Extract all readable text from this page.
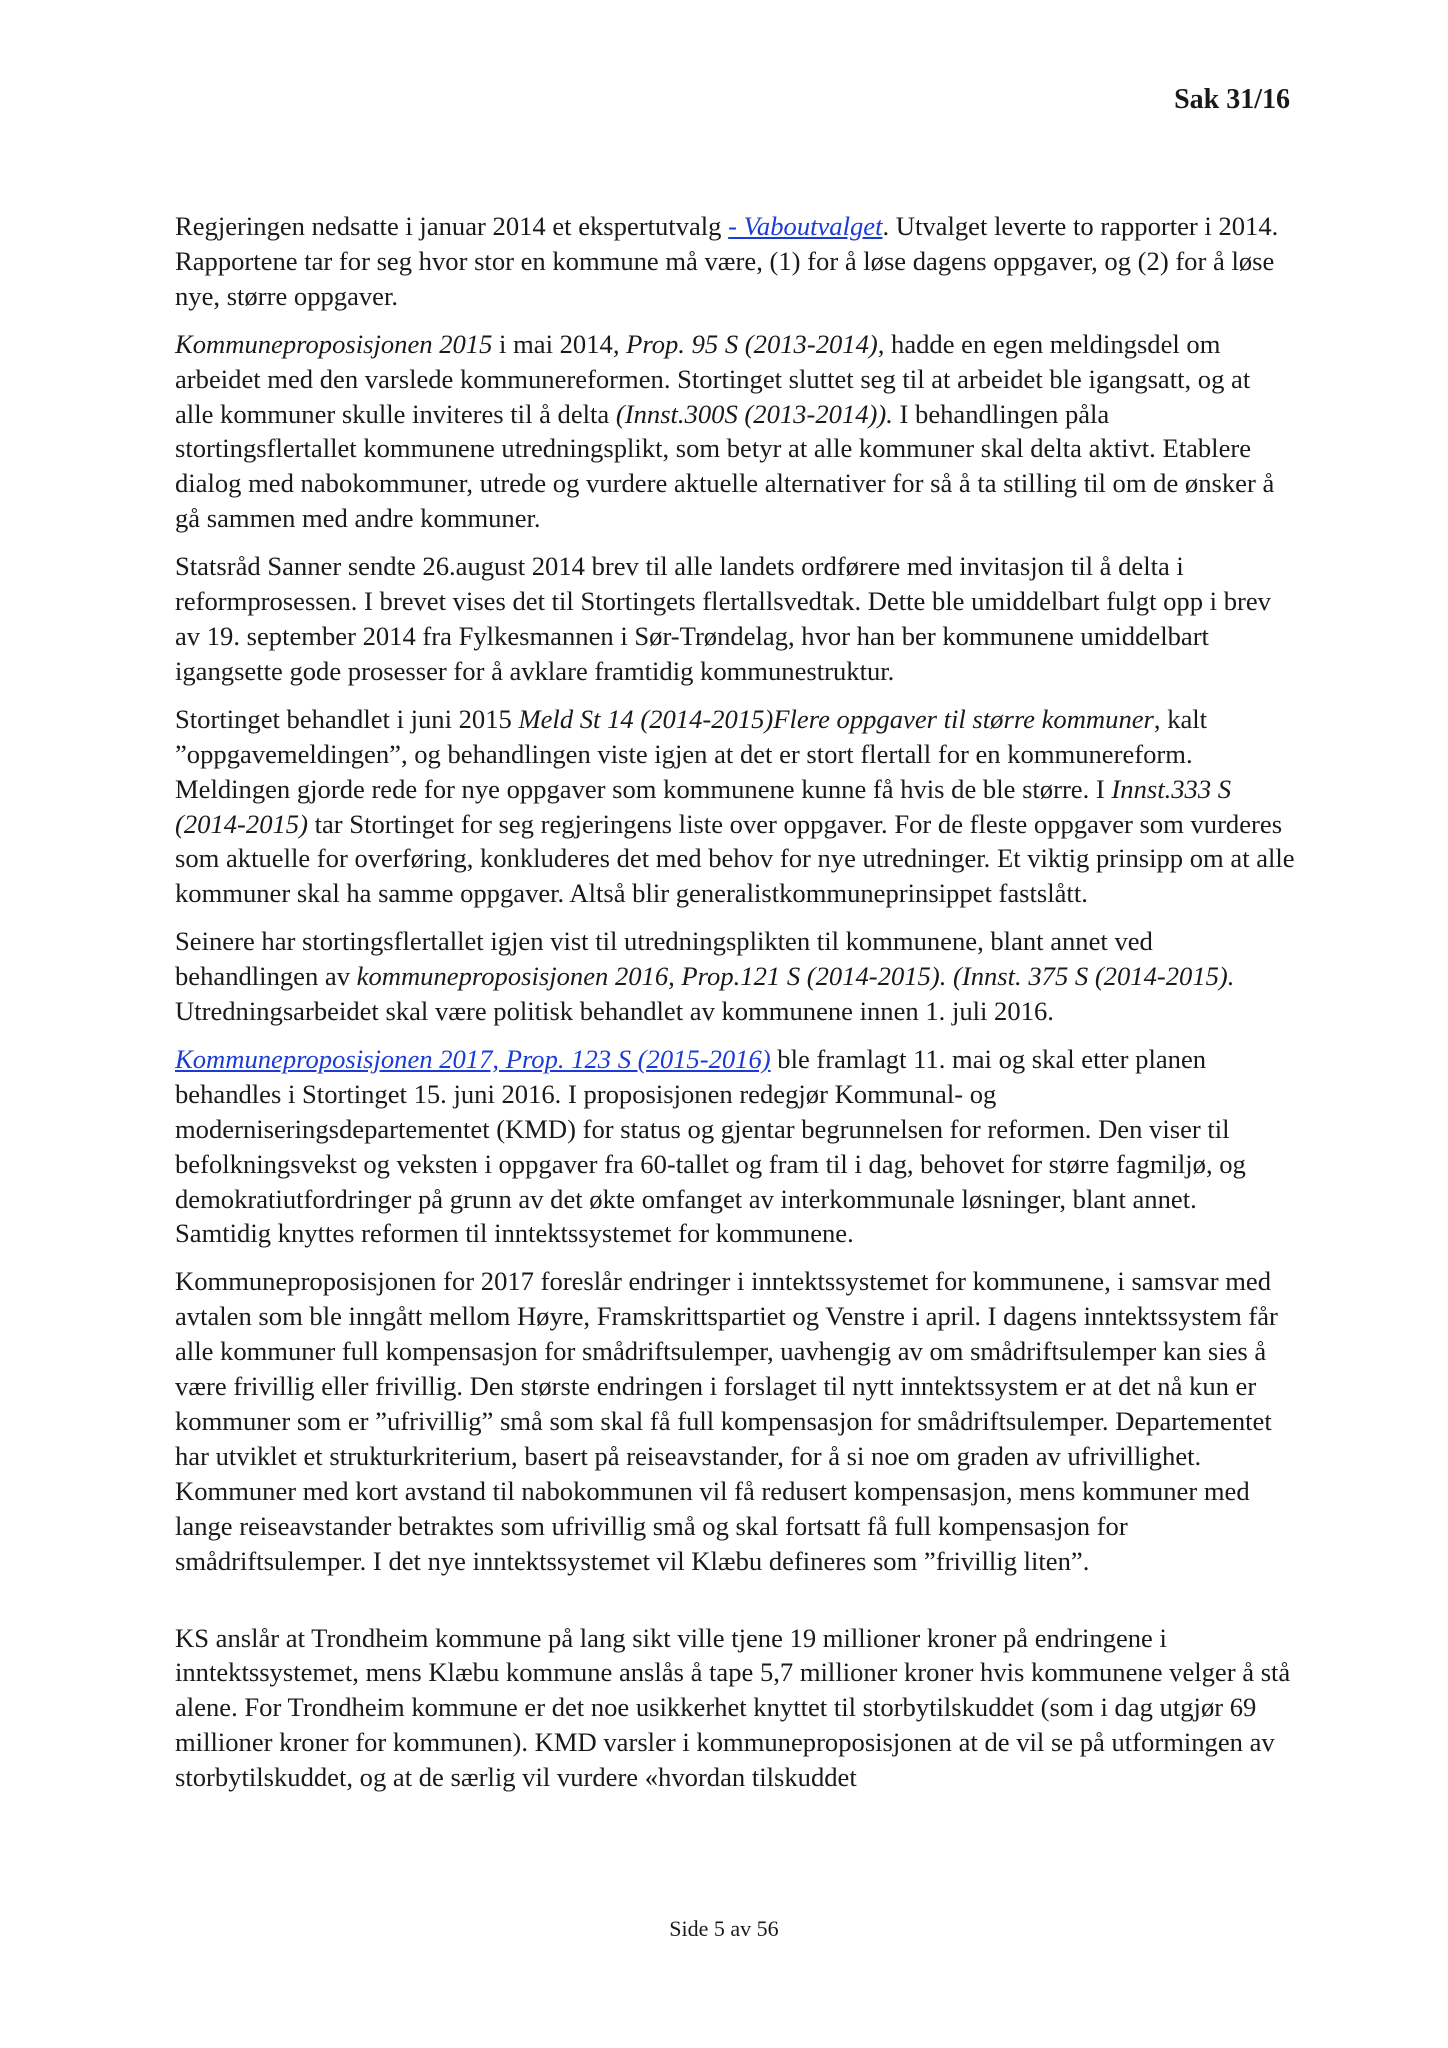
Sak 31/16

Regjeringen nedsatte i januar 2014 et ekspertutvalg - Vaboutvalget. Utvalget leverte to rapporter i 2014. Rapportene tar for seg hvor stor en kommune må være, (1) for å løse dagens oppgaver, og (2) for å løse nye, større oppgaver.

Kommuneproposisjonen 2015 i mai 2014, Prop. 95 S (2013-2014), hadde en egen meldingsdel om arbeidet med den varslede kommunereformen. Stortinget sluttet seg til at arbeidet ble igangsatt, og at alle kommuner skulle inviteres til å delta (Innst.300S (2013-2014)). I behandlingen påla stortingsflertallet kommunene utredningsplikt, som betyr at alle kommuner skal delta aktivt. Etablere dialog med nabokommuner, utrede og vurdere aktuelle alternativer for så å ta stilling til om de ønsker å gå sammen med andre kommuner.

Statsråd Sanner sendte 26.august 2014 brev til alle landets ordførere med invitasjon til å delta i reformprosessen. I brevet vises det til Stortingets flertallsvedtak. Dette ble umiddelbart fulgt opp i brev av 19. september 2014 fra Fylkesmannen i Sør-Trøndelag, hvor han ber kommunene umiddelbart igangsette gode prosesser for å avklare framtidig kommunestruktur.

Stortinget behandlet i juni 2015 Meld St 14 (2014-2015)Flere oppgaver til større kommuner, kalt ”oppgavemeldingen”, og behandlingen viste igjen at det er stort flertall for en kommunereform. Meldingen gjorde rede for nye oppgaver som kommunene kunne få hvis de ble større. I Innst.333 S (2014-2015) tar Stortinget for seg regjeringens liste over oppgaver. For de fleste oppgaver som vurderes som aktuelle for overføring, konkluderes det med behov for nye utredninger. Et viktig prinsipp om at alle kommuner skal ha samme oppgaver. Altså blir generalistkommuneprinsippet fastslått.

Seinere har stortingsflertallet igjen vist til utredningsplikten til kommunene, blant annet ved behandlingen av kommuneproposisjonen 2016, Prop.121 S (2014-2015). (Innst. 375 S (2014-2015). Utredningsarbeidet skal være politisk behandlet av kommunene innen 1. juli 2016.

Kommuneproposisjonen 2017, Prop. 123 S (2015-2016) ble framlagt 11. mai og skal etter planen behandles i Stortinget 15. juni 2016. I proposisjonen redegjør Kommunal- og moderniseringsdepartementet (KMD) for status og gjentar begrunnelsen for reformen. Den viser til befolkningsvekst og veksten i oppgaver fra 60-tallet og fram til i dag, behovet for større fagmiljø, og demokratiutfordringer på grunn av det økte omfanget av interkommunale løsninger, blant annet. Samtidig knyttes reformen til inntektssystemet for kommunene.

Kommuneproposisjonen for 2017 foreslår endringer i inntektssystemet for kommunene, i samsvar med avtalen som ble inngått mellom Høyre, Framskrittspartiet og Venstre i april. I dagens inntektssystem får alle kommuner full kompensasjon for smådriftsulemper, uavhengig av om smådriftsulemper kan sies å være frivillig eller frivillig. Den største endringen i forslaget til nytt inntektssystem er at det nå kun er kommuner som er ”ufrivillig” små som skal få full kompensasjon for smådriftsulemper. Departementet har utviklet et strukturkriterium, basert på reiseavstander, for å si noe om graden av ufrivillighet. Kommuner med kort avstand til nabokommunen vil få redusert kompensasjon, mens kommuner med lange reiseavstander betraktes som ufrivillig små og skal fortsatt få full kompensasjon for smådriftsulemper. I det nye inntektssystemet vil Klæbu defineres som ”frivillig liten”.

KS anslår at Trondheim kommune på lang sikt ville tjene 19 millioner kroner på endringene i inntektssystemet, mens Klæbu kommune anslås å tape 5,7 millioner kroner hvis kommunene velger å stå alene. For Trondheim kommune er det noe usikkerhet knyttet til storbytilskuddet (som i dag utgjør 69 millioner kroner for kommunen). KMD varsler i kommuneproposisjonen at de vil se på utformingen av storbytilskuddet, og at de særlig vil vurdere «hvordan tilskuddet

Side 5 av 56
